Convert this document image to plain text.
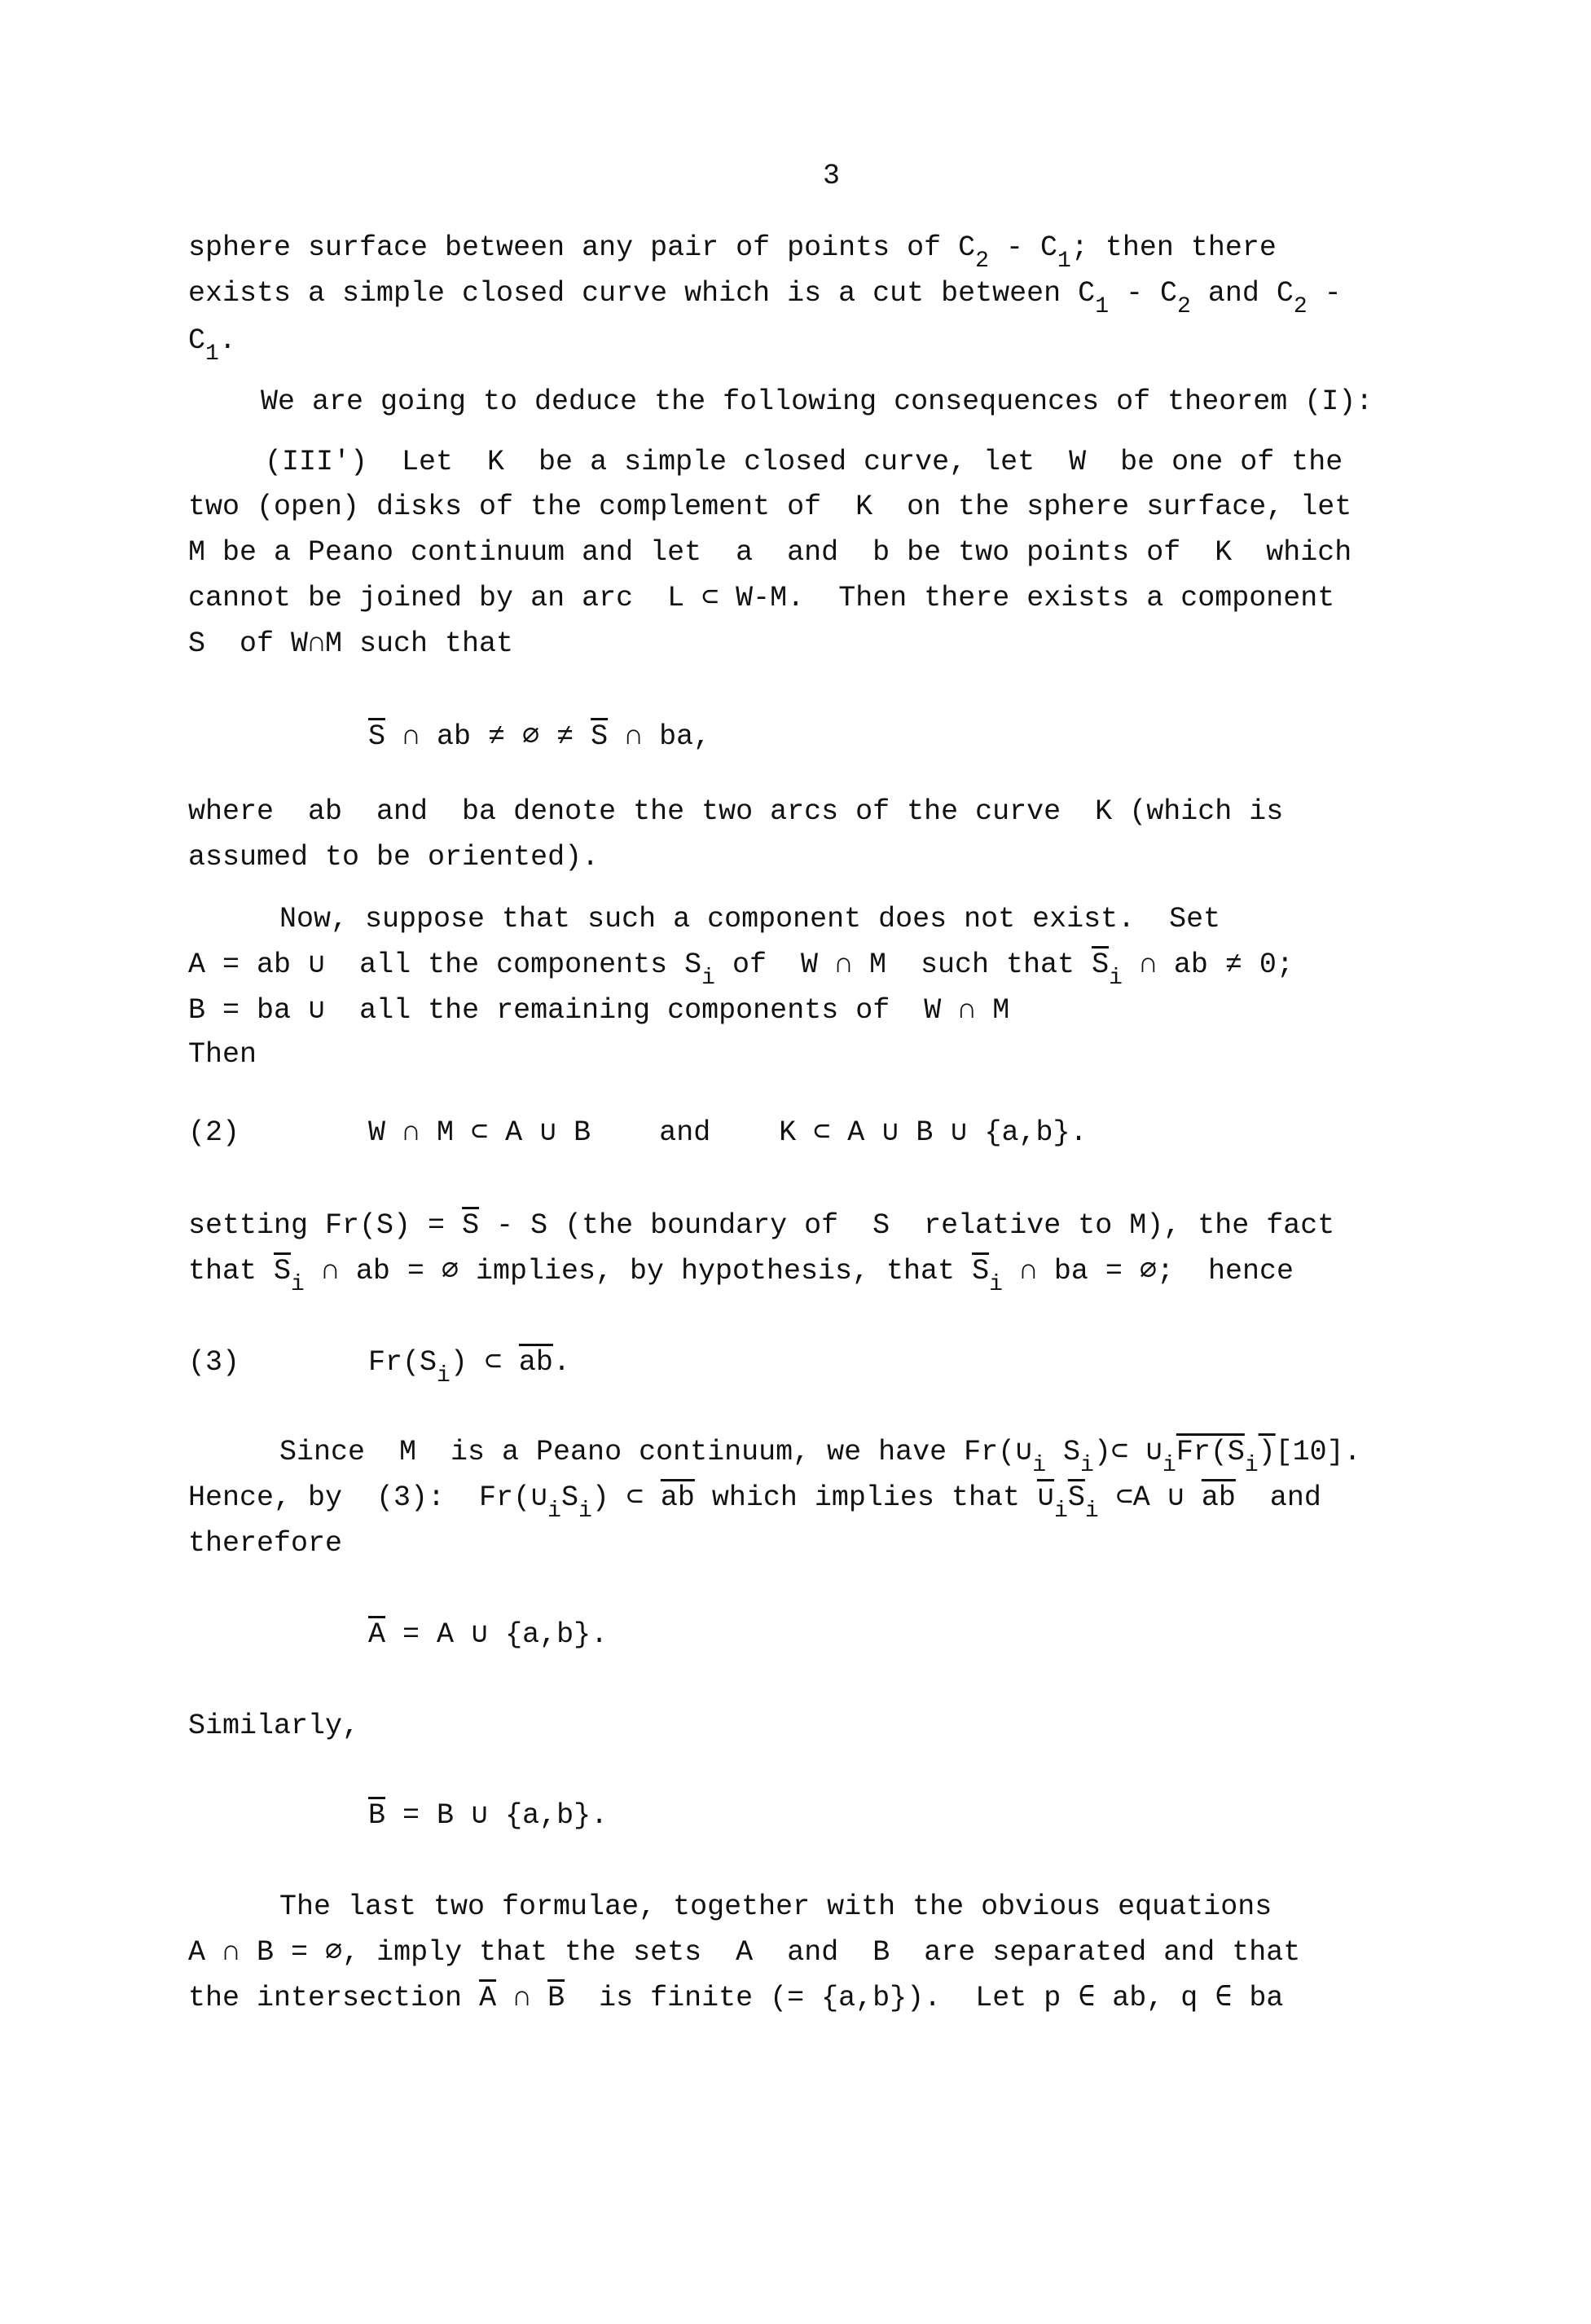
3
sphere surface between any pair of points of $C_2 - C_1$; then there
exists a simple closed curve which is a cut between $C_1 - C_2$ and $C_2$ -
$C_1$.
We are going to deduce the following consequences of theorem (I):
(III')  Let  K  be a simple closed curve, let  W  be one of the
two (open) disks of the complement of  K  on the sphere surface, let
M be a Peano continuum and let  a  and  b be two points of  K  which
cannot be joined by an arc  L ⊂ W-M.  Then there exists a component
S  of W∩M such that
$\overline{S}$ ∩ ab ≠ ∅ ≠ $\overline{S}$ ∩ ba,
where  ab  and  ba denote the two arcs of the curve  K (which is
assumed to be oriented).
Now, suppose that such a component does not exist.  Set
A = ab ∪  all the components $S_i$ of  W ∩ M  such that $\overline{S}_i$ ∩ ab ≠ 0;
B = ba ∪  all the remaining components of  W ∩ M
Then
(2)	W ∩ M ⊂ A ∪ B    and    K ⊂ A ∪ B ∪ {a,b}.
setting $Fr(S) = \overline{S} - S$ (the boundary of  S  relative to M), the fact
that $\overline{S}_i$ ∩ ab = ∅ implies, by hypothesis, that $\overline{S}_i$ ∩ ba = ∅;  hence
(3)	$Fr(S_i)$ ⊂ $\overline{ab}$.
Since  M  is a Peano continuum, we have $Fr(\cup_i$ $S_i)\subset$ $\cup_iFr(S_i)[10]$.
Hence, by  (3):  $Fr(\cup_iS_i)$ ⊂ $\overline{ab}$ which implies that $\cup_i\overline{S}_i$ ⊂A ∪ $\overline{ab}$  and
therefore
$\overline{A} = A$ ∪ {a,b}.
Similarly,
$\overline{B} = B$ ∪ {a,b}.
The last two formulae, together with the obvious equations
A ∩ B = ∅, imply that the sets  A  and  B  are separated and that
the intersection $\overline{A}$ ∩ $\overline{B}$  is finite (= {a,b}).  Let p ∈ ab, q ∈ ba
